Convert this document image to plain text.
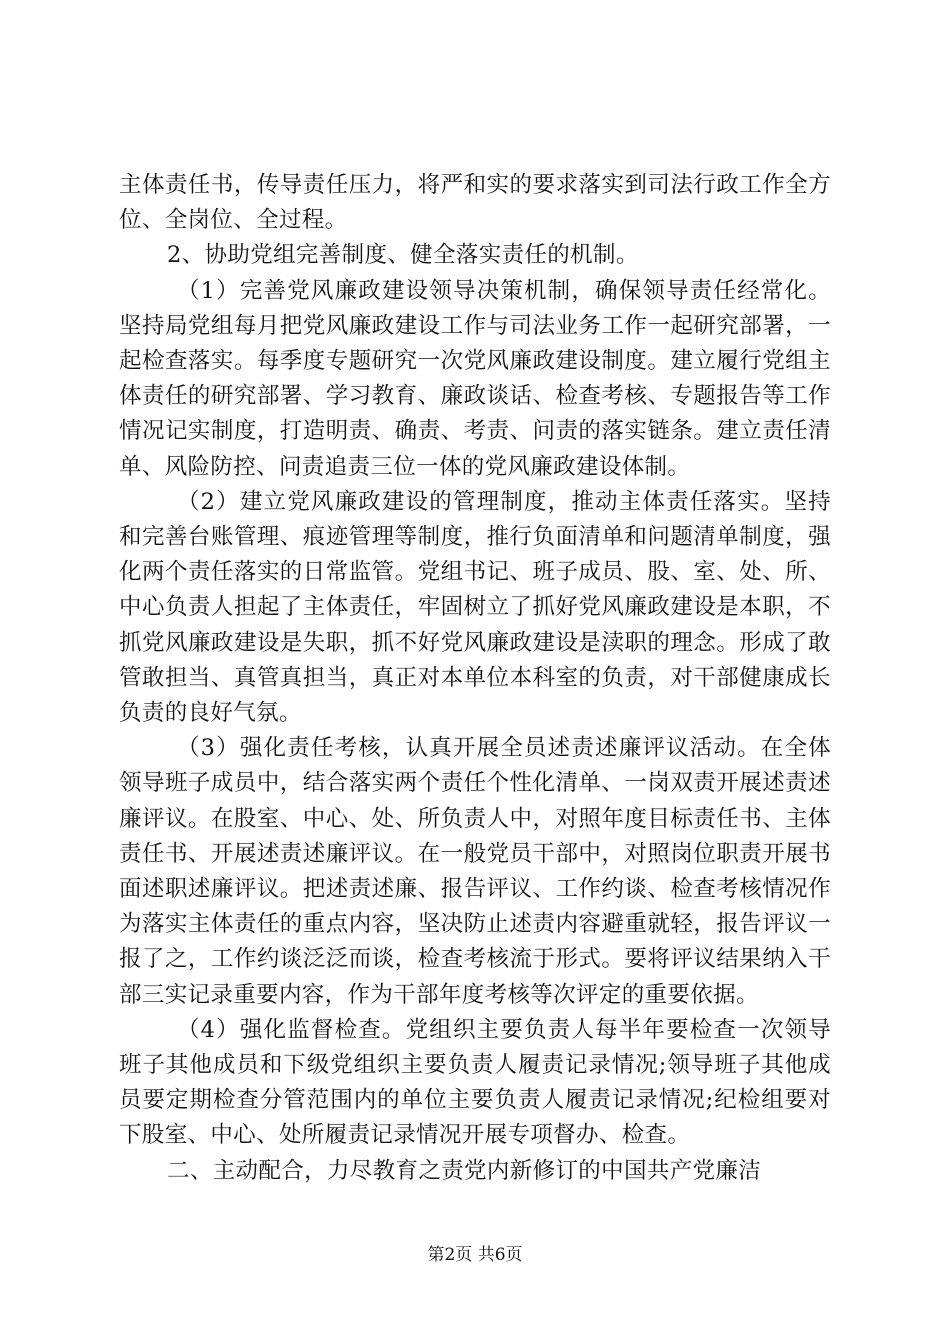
主体责任书，传导责任压力，将严和实的要求落实到司法行政工作全方位、全岗位、全过程。

2、协助党组完善制度、健全落实责任的机制。

（1）完善党风廉政建设领导决策机制，确保领导责任经常化。坚持局党组每月把党风廉政建设工作与司法业务工作一起研究部署，一起检查落实。每季度专题研究一次党风廉政建设制度。建立履行党组主体责任的研究部署、学习教育、廉政谈话、检查考核、专题报告等工作情况记实制度，打造明责、确责、考责、问责的落实链条。建立责任清单、风险防控、问责追责三位一体的党风廉政建设体制。

（2）建立党风廉政建设的管理制度，推动主体责任落实。坚持和完善台账管理、痕迹管理等制度，推行负面清单和问题清单制度，强化两个责任落实的日常监管。党组书记、班子成员、股、室、处、所、中心负责人担起了主体责任，牢固树立了抓好党风廉政建设是本职，不抓党风廉政建设是失职，抓不好党风廉政建设是渎职的理念。形成了敢管敢担当、真管真担当，真正对本单位本科室的负责，对干部健康成长负责的良好气氛。

（3）强化责任考核，认真开展全员述责述廉评议活动。在全体领导班子成员中，结合落实两个责任个性化清单、一岗双责开展述责述廉评议。在股室、中心、处、所负责人中，对照年度目标责任书、主体责任书、开展述责述廉评议。在一般党员干部中，对照岗位职责开展书面述职述廉评议。把述责述廉、报告评议、工作约谈、检查考核情况作为落实主体责任的重点内容，坚决防止述责内容避重就轻，报告评议一报了之，工作约谈泛泛而谈，检查考核流于形式。要将评议结果纳入干部三实记录重要内容，作为干部年度考核等次评定的重要依据。

（4）强化监督检查。党组织主要负责人每半年要检查一次领导班子其他成员和下级党组织主要负责人履责记录情况;领导班子其他成员要定期检查分管范围内的单位主要负责人履责记录情况;纪检组要对下股室、中心、处所履责记录情况开展专项督办、检查。

二、主动配合，力尽教育之责党内新修订的中国共产党廉洁

第2页 共6页
